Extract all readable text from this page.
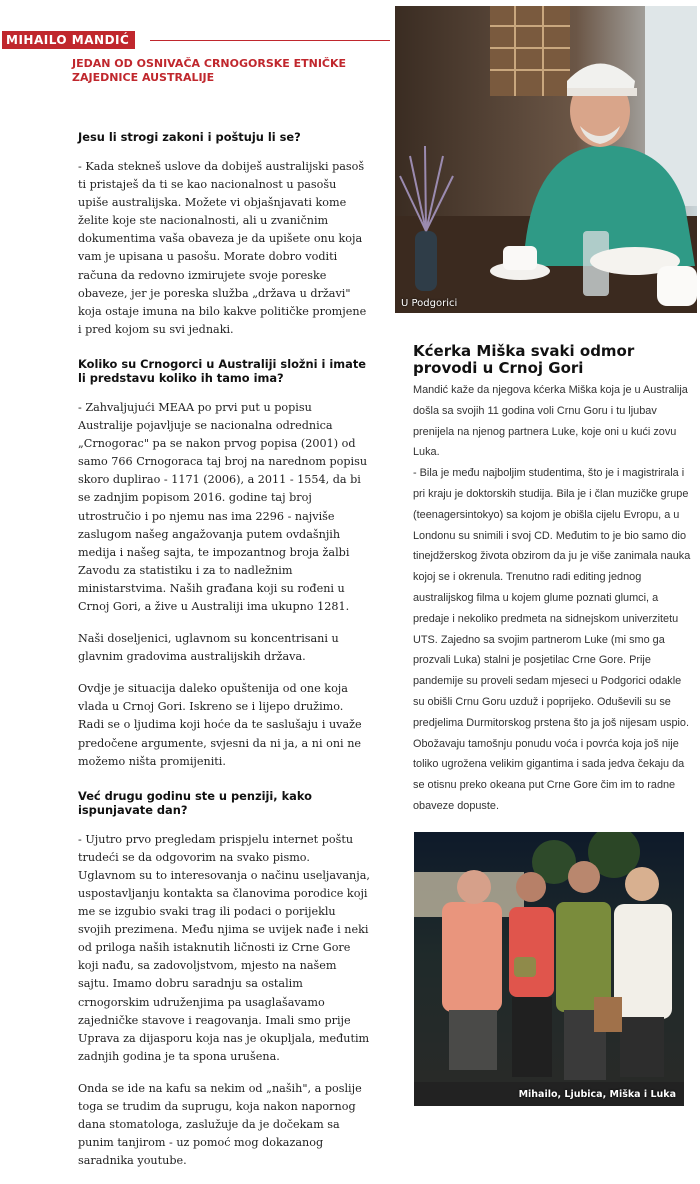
MIHAILO MANDIĆ
JEDAN OD OSNIVAČA CRNOGORSKE ETNIČKE ZAJEDNICE AUSTRALIJE
Jesu li strogi zakoni i poštuju li se?

- Kada stekneš uslove da dobiješ australijski pasoš ti pristaješ da ti se kao nacionalnost u pasošu upiše australijska. Možete vi objašnjavati kome želite koje ste nacionalnosti, ali u zvaničnim dokumentima vaša obaveza je da upišete onu koja vam je upisana u pasošu. Morate dobro voditi računa da redovno izmirujete svoje poreske obaveze, jer je poreska služba „država u državi" koja ostaje imuna na bilo kakve političke promjene i pred kojom su svi jednaki.

Koliko su Crnogorci u Australiji složni i imate li predstavu koliko ih tamo ima?

- Zahvaljujući MEAA po prvi put u popisu Australije pojavljuje se nacionalna odrednica „Crnogorac" pa se nakon prvog popisa (2001) od samo 766 Crnogoraca taj broj na narednom popisu skoro duplirao - 1171 (2006), a 2011 - 1554, da bi se zadnjim popisom 2016. godine taj broj utrostručio i po njemu nas ima 2296 - najviše zaslugom našeg angažovanja putem ovdašnjih medija i našeg sajta, te impozantnog broja žalbi Zavodu za statistiku i za to nadležnim ministarstvima. Naših građana koji su rođeni u Crnoj Gori, a žive u Australiji ima ukupno 1281.

Naši doseljenici, uglavnom su koncentrisani u glavnim gradovima australijskih država.

Ovdje je situacija daleko opuštenija od one koja vlada u Crnoj Gori. Iskreno se i lijepo družimo. Radi se o ljudima koji hoće da te saslušaju i uvaže predočene argumente, svjesni da ni ja, a ni oni ne možemo ništa promijeniti.

Već drugu godinu ste u penziji, kako ispunjavate dan?

- Ujutro prvo pregledam prispjelu internet poštu trudeći se da odgovorim na svako pismo. Uglavnom su to interesovanja o načinu useljavanja, uspostavljanju kontakta sa članovima porodice koji me se izgubio svaki trag ili podaci o porijeklu svojih prezimena. Među njima se uvijek nađe i neki od priloga naših istaknutih ličnosti iz Crne Gore koji nađu, sa zadovoljstvom, mjesto na našem sajtu. Imamo dobru saradnju sa ostalim crnogorskim udruženjima pa usaglašavamo zajedničke stavove i reagovanja. Imali smo prije Uprava za dijasporu koja nas je okupljala, međutim zadnjih godina je ta spona urušena.

Onda se ide na kafu sa nekim od „naših", a poslije toga se trudim da suprugu, koja nakon napornog dana stomatologa, zaslužuje da je dočekam sa punim tanjirom - uz pomoć mog dokazanog saradnika youtube.

U Podgorici
Kćerka Miška svaki odmor provodi u Crnoj Gori

Mandić kaže da njegova kćerka Miška koja je u Australija došla sa svojih 11 godina voli Crnu Goru i tu ljubav prenijela na njenog partnera Luke, koje oni u kući zovu Luka.

- Bila je među najboljim studentima, što je i magistrirala i pri kraju je doktorskih studija. Bila je i član muzičke grupe (teenagersintokyo) sa kojom je obišla cijelu Evropu, a u Londonu su snimili i svoj CD. Međutim to je bio samo dio tinejdžerskog života obzirom da ju je više zanimala nauka kojoj se i okrenula. Trenutno radi editing jednog australijskog filma u kojem glume poznati glumci, a predaje i nekoliko predmeta na sidnejskom univerzitetu UTS. Zajedno sa svojim partnerom Luke (mi smo ga prozvali Luka) stalni je posjetilac Crne Gore. Prije pandemije su proveli sedam mjeseci u Podgorici odakle su obišli Crnu Goru uzduž i poprijeko. Oduševili su se predjelima Durmitorskog prstena što ja još nijesam uspio. Obožavaju tamošnju ponudu voća i povrća koja još nije toliko ugrožena velikim gigantima i sada jedva čekaju da se otisnu preko okeana put Crne Gore čim im to radne obaveze dopuste.

Mihailo, Ljubica, Miška i Luka
